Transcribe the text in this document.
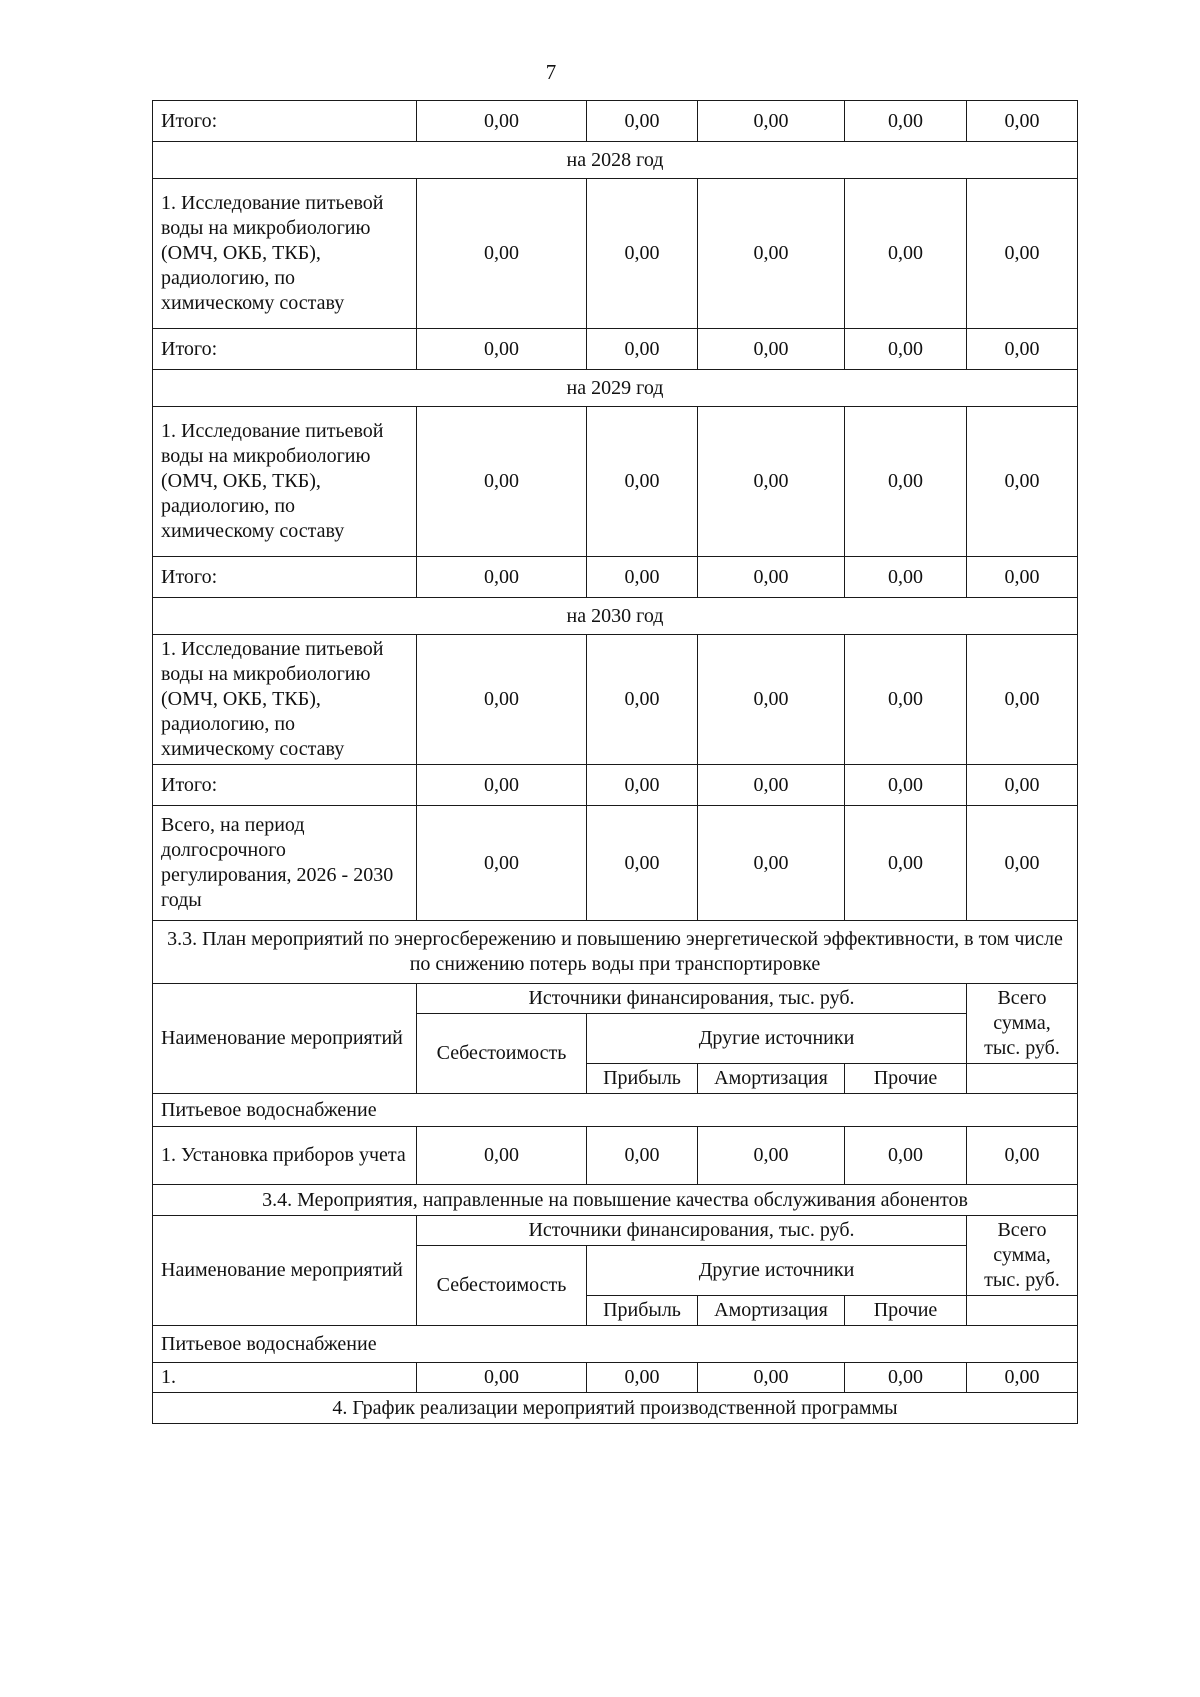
7
Итого:	0,00	0,00	0,00	0,00	0,00
на 2028 год					
1. Исследование питьевой воды на микробиологию (ОМЧ, ОКБ, ТКБ), радиологию, по химическому составу	0,00	0,00	0,00	0,00	0,00
Итого:	0,00	0,00	0,00	0,00	0,00
на 2029 год					
1. Исследование питьевой воды на микробиологию (ОМЧ, ОКБ, ТКБ), радиологию, по химическому составу	0,00	0,00	0,00	0,00	0,00
Итого:	0,00	0,00	0,00	0,00	0,00
на 2030 год					
1. Исследование питьевой воды на микробиологию (ОМЧ, ОКБ, ТКБ), радиологию, по химическому составу	0,00	0,00	0,00	0,00	0,00
Итого:	0,00	0,00	0,00	0,00	0,00
Всего, на период долгосрочного регулирования, 2026 - 2030 годы	0,00	0,00	0,00	0,00	0,00
3.3. План мероприятий по энергосбережению и повышению энергетической эффективности, в том числе по снижению потерь воды при транспортировке					
Наименование мероприятий	Источники финансирования, тыс. руб.				Всего сумма, тыс. руб.
	Себестоимость	Другие источники			
		Прибыль	Амортизация	Прочие	
Питьевое водоснабжение					
1. Установка приборов учета	0,00	0,00	0,00	0,00	0,00
3.4. Мероприятия, направленные на повышение качества обслуживания абонентов					
Наименование мероприятий	Источники финансирования, тыс. руб.				Всего сумма, тыс. руб.
	Себестоимость	Другие источники			
		Прибыль	Амортизация	Прочие	
Питьевое водоснабжение					
1.	0,00	0,00	0,00	0,00	0,00
4. График реализации мероприятий производственной программы					
